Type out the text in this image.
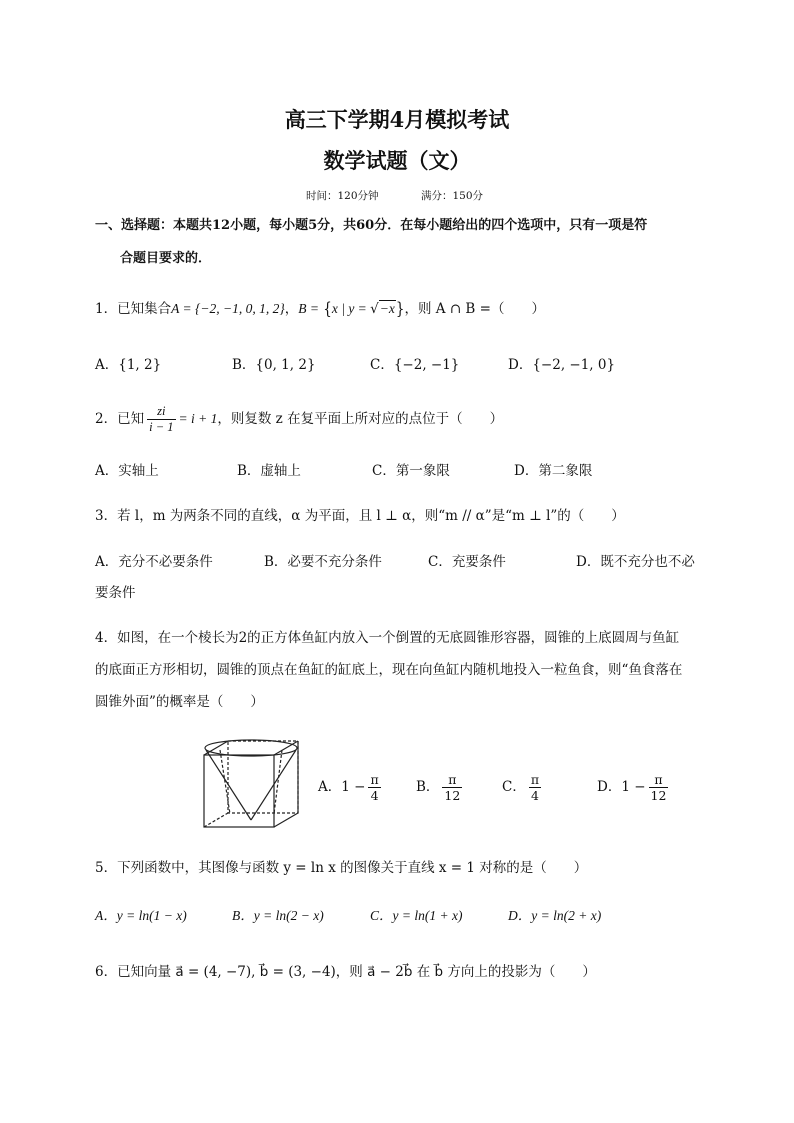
高三下学期4月模拟考试
数学试题（文）
时间：120分钟	满分：150分
一、选择题：本题共12小题，每小题5分，共60分．在每小题给出的四个选项中，只有一项是符
合题目要求的．
1．已知集合A = {−2, −1, 0, 1, 2}，B = {x | y = √−x}，则 A ∩ B =（　　）
A．{1, 2}	B．{0, 1, 2}	C．{−2, −1}	D．{−2, −1, 0}
2．已知 $\frac{zi}{i - 1} = i + 1$，则复数 z 在复平面上所对应的点位于（　　）
A．实轴上	B．虚轴上	C．第一象限	D．第二象限
3．若 l，m 为两条不同的直线，α 为平面，且 l ⊥ α，则“m // α”是“m ⊥ l”的（　　）
A．充分不必要条件	B．必要不充分条件	C．充要条件	D．既不充分也不必
要条件
4．如图，在一个棱长为2的正方体鱼缸内放入一个倒置的无底圆锥形容器，圆锥的上底圆周与鱼缸
的底面正方形相切，圆锥的顶点在鱼缸的缸底上，现在向鱼缸内随机地投入一粒鱼食，则“鱼食落在
圆锥外面”的概率是（　　）
A．$1 - \frac{\pi}{4}$	B． $\frac{\pi}{12}$	C． $\frac{\pi}{4}$	D．$1 - \frac{\pi}{12}$
5．下列函数中，其图像与函数 y = ln x 的图像关于直线 x = 1 对称的是（　　）
A．y = ln(1 − x)	B．y = ln(2 − x)	C．y = ln(1 + x)	D．y = ln(2 + x)
6．已知向量 a⃗ = (4, −7), b⃗ = (3, −4)，则 a⃗ − 2b⃗ 在 b⃗ 方向上的投影为（　　）
